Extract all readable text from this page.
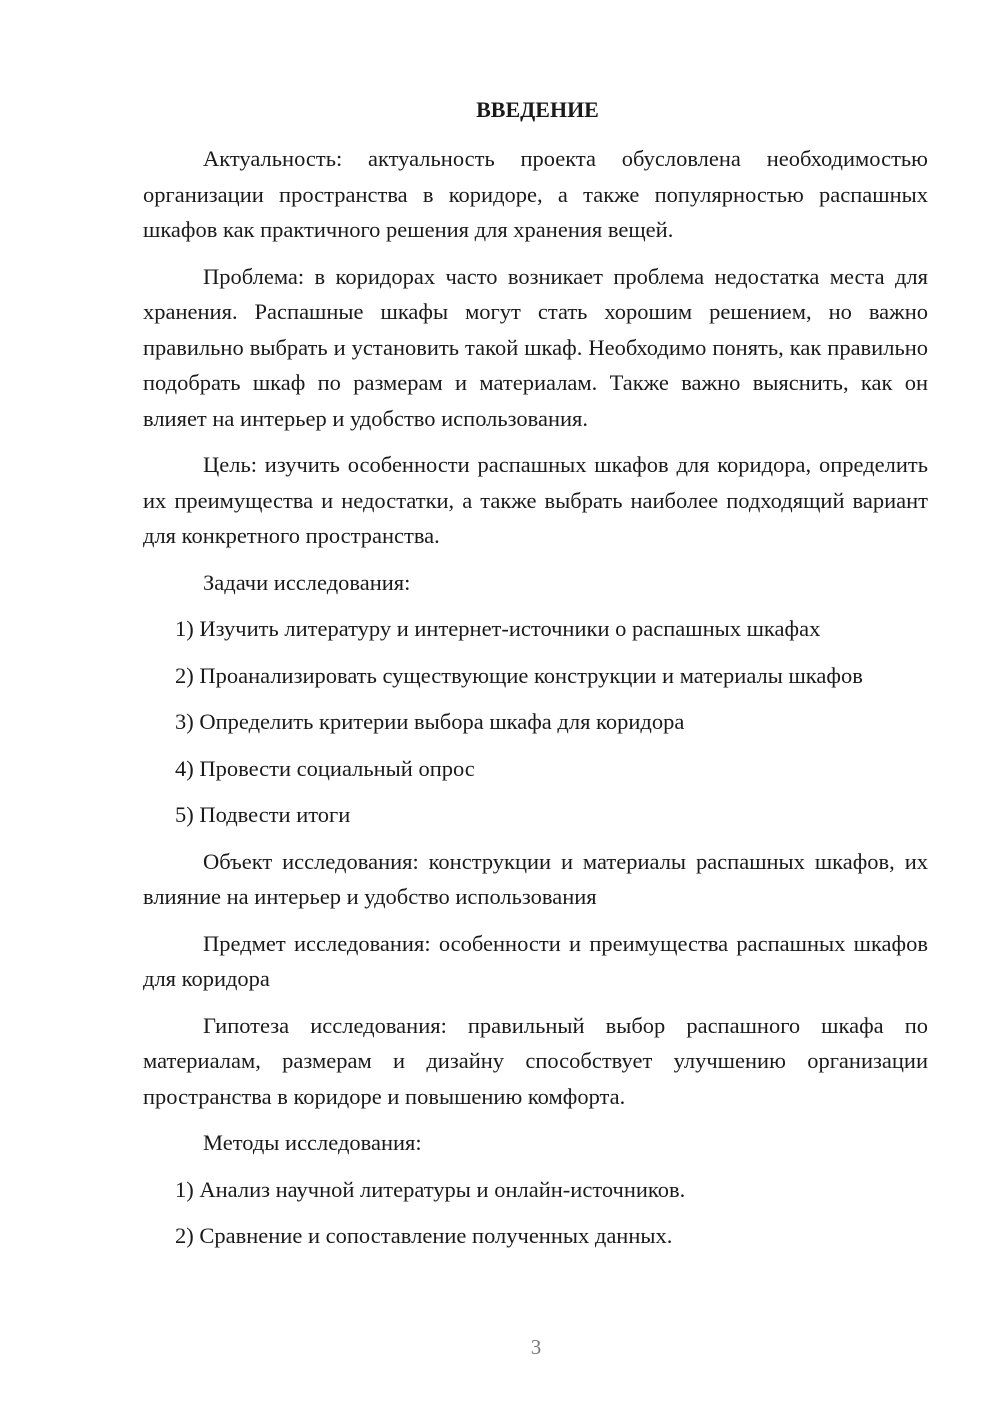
ВВЕДЕНИЕ

Актуальность: актуальность проекта обусловлена необходимостью организации пространства в коридоре, а также популярностью распашных шкафов как практичного решения для хранения вещей.

Проблема: в коридорах часто возникает проблема недостатка места для хранения. Распашные шкафы могут стать хорошим решением, но важно правильно выбрать и установить такой шкаф. Необходимо понять, как правильно подобрать шкаф по размерам и материалам. Также важно выяснить, как он влияет на интерьер и удобство использования.

Цель: изучить особенности распашных шкафов для коридора, определить их преимущества и недостатки, а также выбрать наиболее подходящий вариант для конкретного пространства.

Задачи исследования:

1) Изучить литературу и интернет-источники о распашных шкафах

2) Проанализировать существующие конструкции и материалы шкафов

3) Определить критерии выбора шкафа для коридора

4) Провести социальный опрос

5) Подвести итоги

Объект исследования: конструкции и материалы распашных шкафов, их влияние на интерьер и удобство использования

Предмет исследования: особенности и преимущества распашных шкафов для коридора

Гипотеза исследования: правильный выбор распашного шкафа по материалам, размерам и дизайну способствует улучшению организации пространства в коридоре и повышению комфорта.

Методы исследования:

1) Анализ научной литературы и онлайн-источников.

2) Сравнение и сопоставление полученных данных.

3
